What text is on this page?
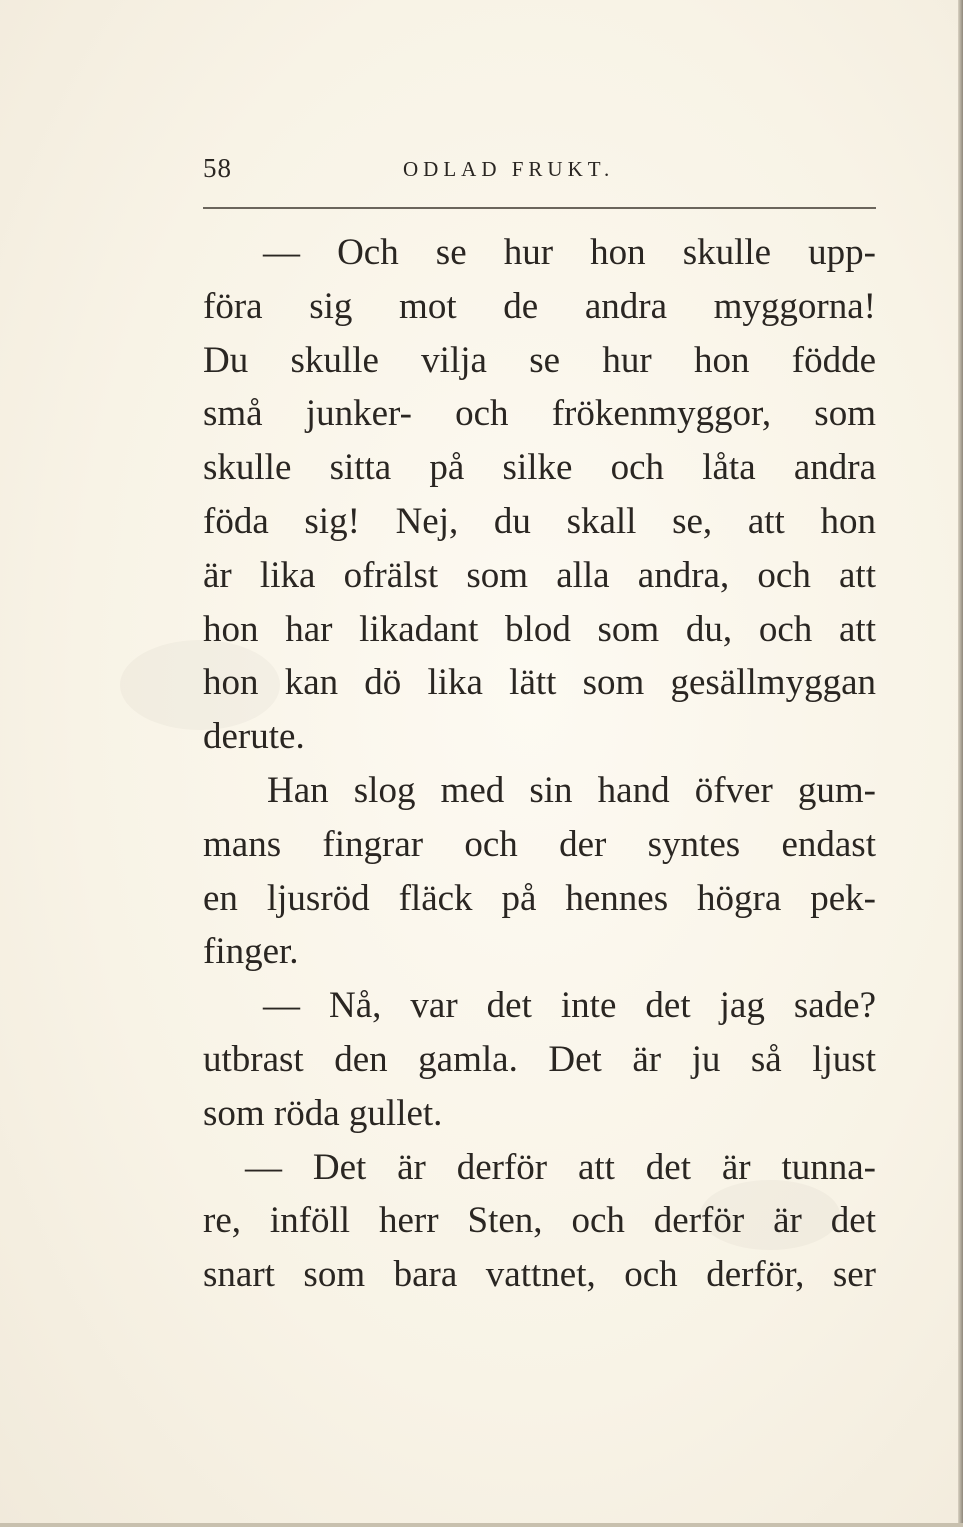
58	ODLAD FRUKT.
— Och se hur hon skulle upp-
föra sig mot de andra myggorna!
Du skulle vilja se hur hon födde
små junker- och frökenmyggor, som
skulle sitta på silke och låta andra
föda sig! Nej, du skall se, att hon
är lika ofrälst som alla andra, och att
hon har likadant blod som du, och att
hon kan dö lika lätt som gesällmyggan
derute.
Han slog med sin hand öfver gum-
mans fingrar och der syntes endast
en ljusröd fläck på hennes högra pek-
finger.
— Nå, var det inte det jag sade?
utbrast den gamla. Det är ju så ljust
som röda gullet.
— Det är derför att det är tunna-
re, inföll herr Sten, och derför är det
snart som bara vattnet, och derför, ser
